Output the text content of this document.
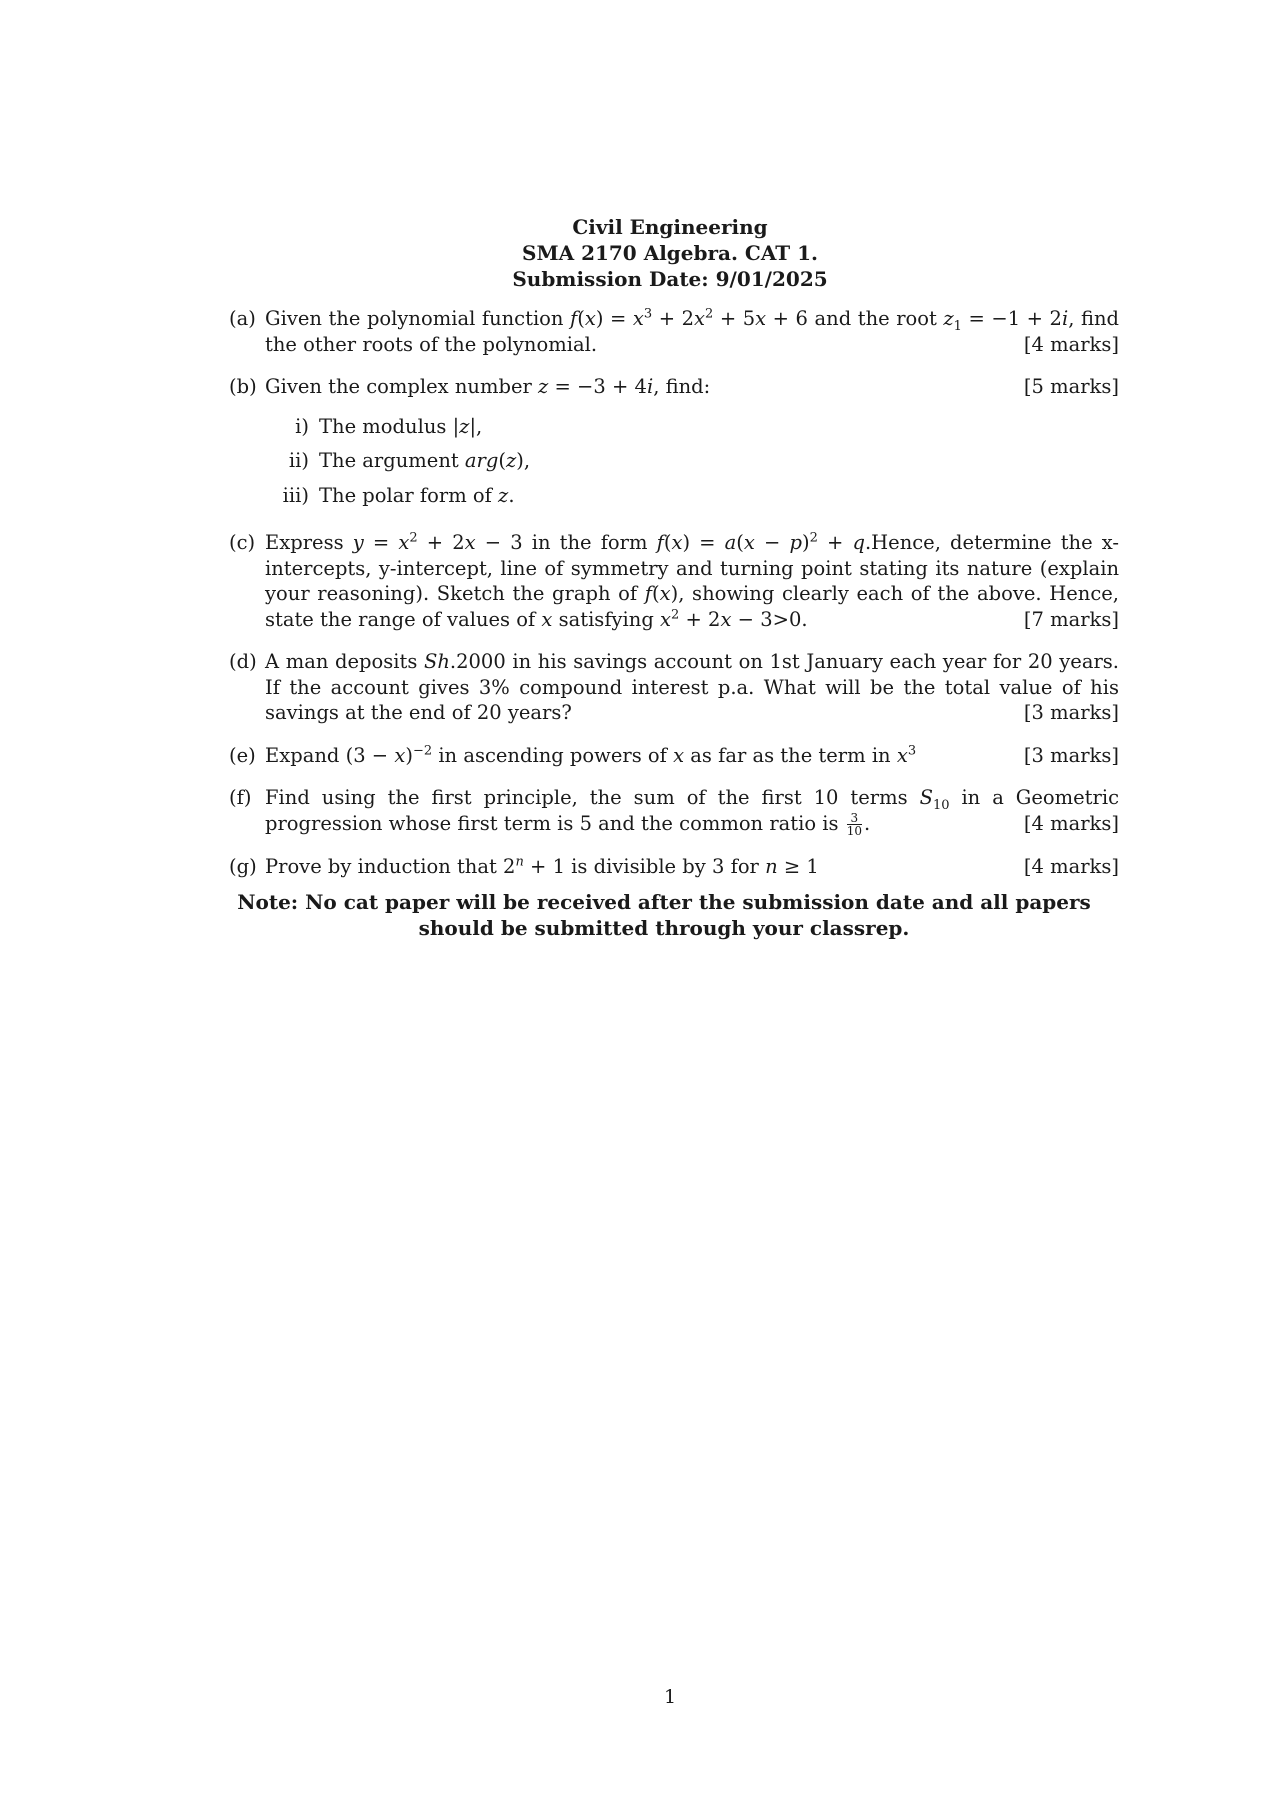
Civil Engineering
SMA 2170 Algebra. CAT 1.
Submission Date: 9/01/2025
(a) Given the polynomial function $f(x) = x^3 + 2x^2 + 5x + 6$ and the root $z_1 = -1 + 2i$, find the other roots of the polynomial.	[4 marks]
(b) Given the complex number z = −3 + 4i, find:	[5 marks]
i) The modulus |z|,
ii) The argument arg(z),
iii) The polar form of z.
(c) Express $y = x^2 + 2x - 3$ in the form $f(x) = a(x - p)^2$ + q.Hence, determine the x-intercepts, y-intercept, line of symmetry and turning point stating its nature (explain your reasoning). Sketch the graph of f(x), showing clearly each of the above. Hence, state the range of values of x satisfying $x^2 + 2x - 3>0$.	[7 marks]
(d) A man deposits Sh.2000 in his savings account on 1st January each year for 20 years. If the account gives 3% compound interest p.a. What will be the total value of his savings at the end of 20 years?	[3 marks]
(e) Expand $(3 - x)^{-2}$ in ascending powers of x as far as the term in $x^3$	[3 marks]
(f) Find using the first principle, the sum of the first 10 terms $S_{10}$ in a Geometric progression whose first term is 5 and the common ratio is $\frac{3}{10}$ .	[4 marks]
(g) Prove by induction that $2^n + 1$ is divisible by 3 for n ≥ 1	[4 marks]
Note: No cat paper will be received after the submission date and all papers should be submitted through your classrep.
1
